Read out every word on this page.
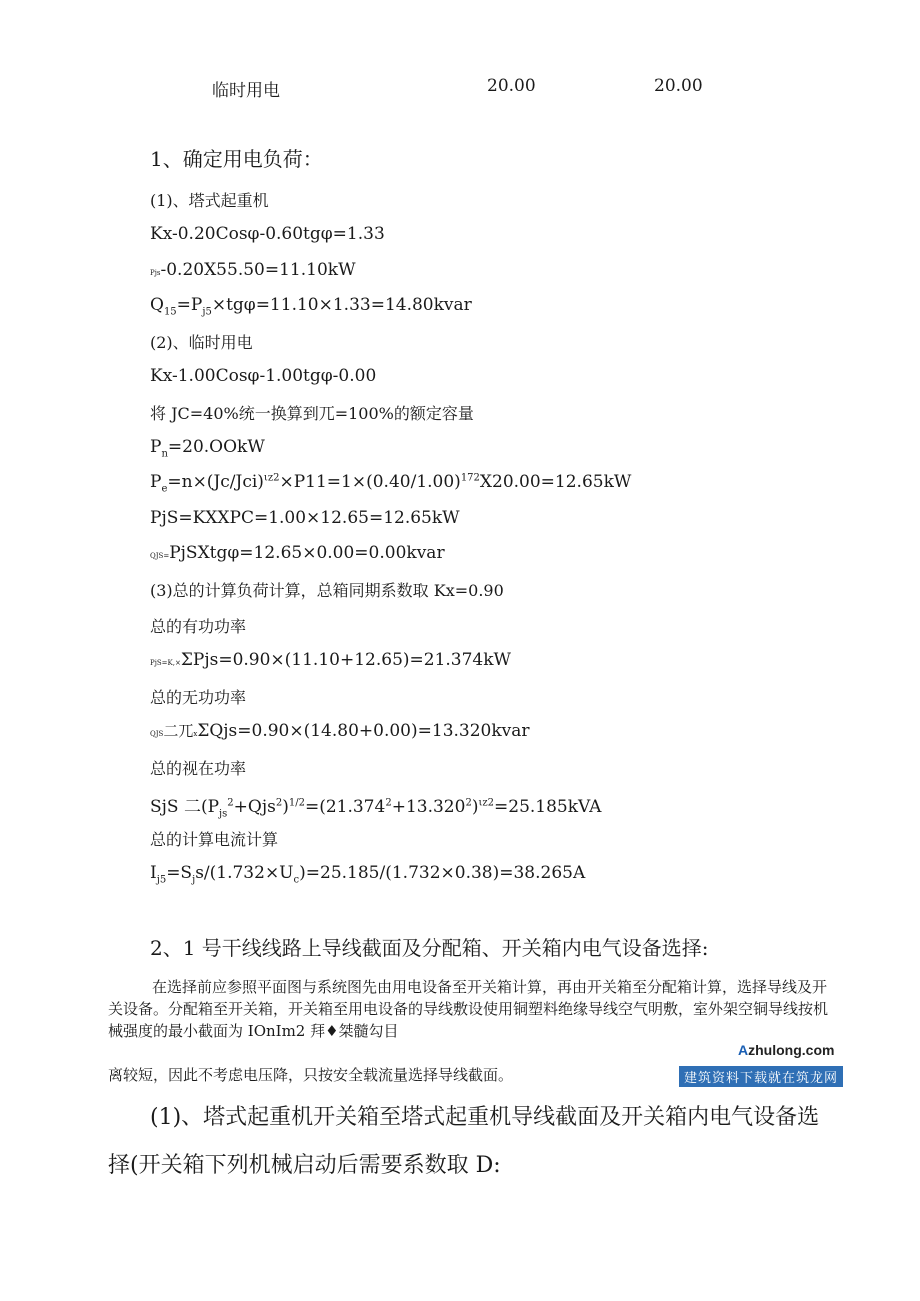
临时用电	20.00	20.00
1、确定用电负荷：
(1)、塔式起重机
Kx-0.20Cosφ-0.60tgφ=1.33
Pjs-0.20X55.50=11.10kW
$Q_{15}=P_{j5}\times tg\varphi=11.10\times 1.33=14.80kvar$
(2)、临时用电
Kx-1.00Cosφ-1.00tgφ-0.00
将 JC=40%统一换算到兀=100%的额定容量
$P_n=20.OOkW$
$P_e=n\times(Jc∕Jci)^{\iota z2}\times P11=1\times(0.40/1.00)^{172}X20.00=12.65kW$
PjS=KXXPC=1.00×12.65=12.65kW
QJS=PjSXtgφ=12.65×0.00=0.00kvar
(3)总的计算负荷计算，总箱同期系数取 Kx=0.90
总的有功功率
PjS=K,×ΣPjs=0.90×(11.10+12.65)=21.374kW
总的无功功率
QJS二兀xΣQjs=0.90×(14.80+0.00)=13.320kvar
总的视在功率
SjS 二$(P_{js}^2+Qjs^2)^{1/2}=(21.374^2+13.320^2)^{\iota z2}=25.185kVA$
总的计算电流计算
$I_{j5}=S_js∕(1.732\times U_c)=25.185/(1.732\times 0.38)=38.265A$
2、1 号干线线路上导线截面及分配箱、开关箱内电气设备选择:
在选择前应参照平面图与系统图先由用电设备至开关箱计算，再由开关箱至分配箱计算，选择导线及开关设备。分配箱至开关箱，开关箱至用电设备的导线敷设使用铜塑料绝缘导线空气明敷，室外架空铜导线按机械强度的最小截面为 IOnIm2 拜♦桀髓勾目
Azhulong.com
离较短，因此不考虑电压降，只按安全载流量选择导线截面。	建筑资料下载就在筑龙网
(1)、塔式起重机开关箱至塔式起重机导线截面及开关箱内电气设备选
择(开关箱下列机械启动后需要系数取 D:
